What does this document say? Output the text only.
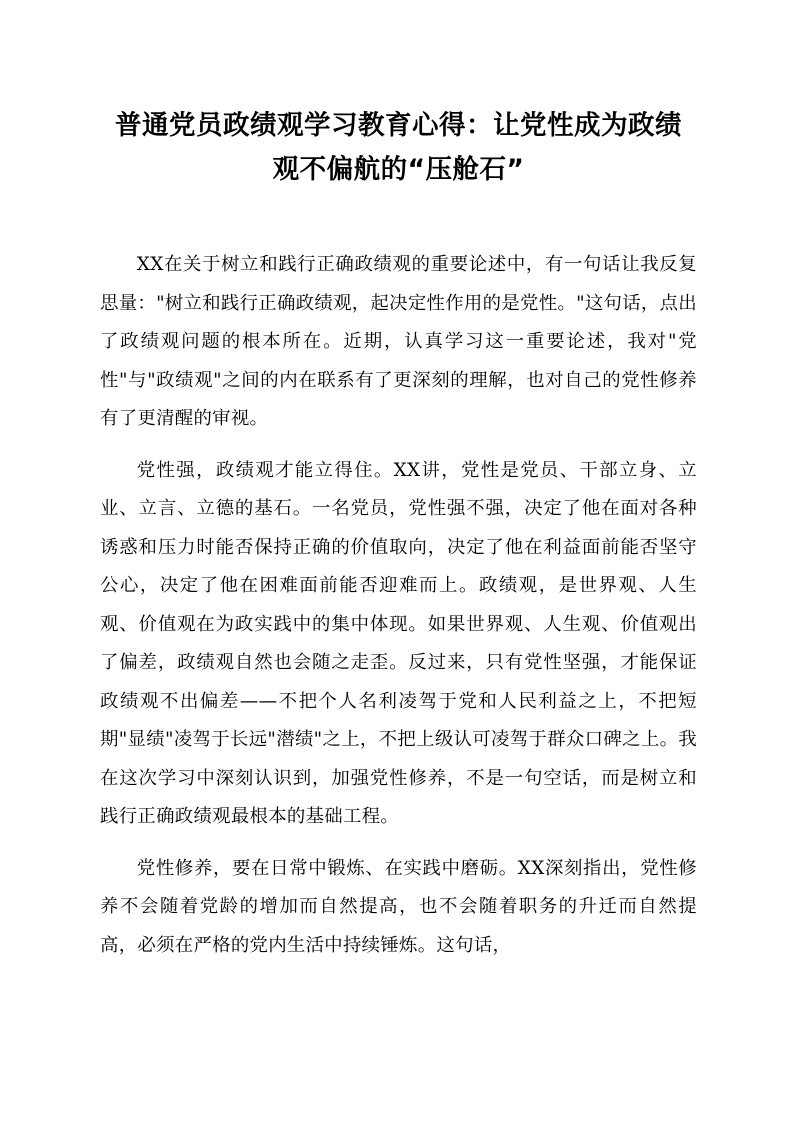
普通党员政绩观学习教育心得：让党性成为政绩观不偏航的“压舱石”

XX在关于树立和践行正确政绩观的重要论述中，有一句话让我反复思量："树立和践行正确政绩观，起决定性作用的是党性。"这句话，点出了政绩观问题的根本所在。近期，认真学习这一重要论述，我对"党性"与"政绩观"之间的内在联系有了更深刻的理解，也对自己的党性修养有了更清醒的审视。

党性强，政绩观才能立得住。XX讲，党性是党员、干部立身、立业、立言、立德的基石。一名党员，党性强不强，决定了他在面对各种诱惑和压力时能否保持正确的价值取向，决定了他在利益面前能否坚守公心，决定了他在困难面前能否迎难而上。政绩观，是世界观、人生观、价值观在为政实践中的集中体现。如果世界观、人生观、价值观出了偏差，政绩观自然也会随之走歪。反过来，只有党性坚强，才能保证政绩观不出偏差——不把个人名利凌驾于党和人民利益之上，不把短期"显绩"凌驾于长远"潜绩"之上，不把上级认可凌驾于群众口碑之上。我在这次学习中深刻认识到，加强党性修养，不是一句空话，而是树立和践行正确政绩观最根本的基础工程。

党性修养，要在日常中锻炼、在实践中磨砺。XX深刻指出，党性修养不会随着党龄的增加而自然提高，也不会随着职务的升迁而自然提高，必须在严格的党内生活中持续锤炼。这句话，
